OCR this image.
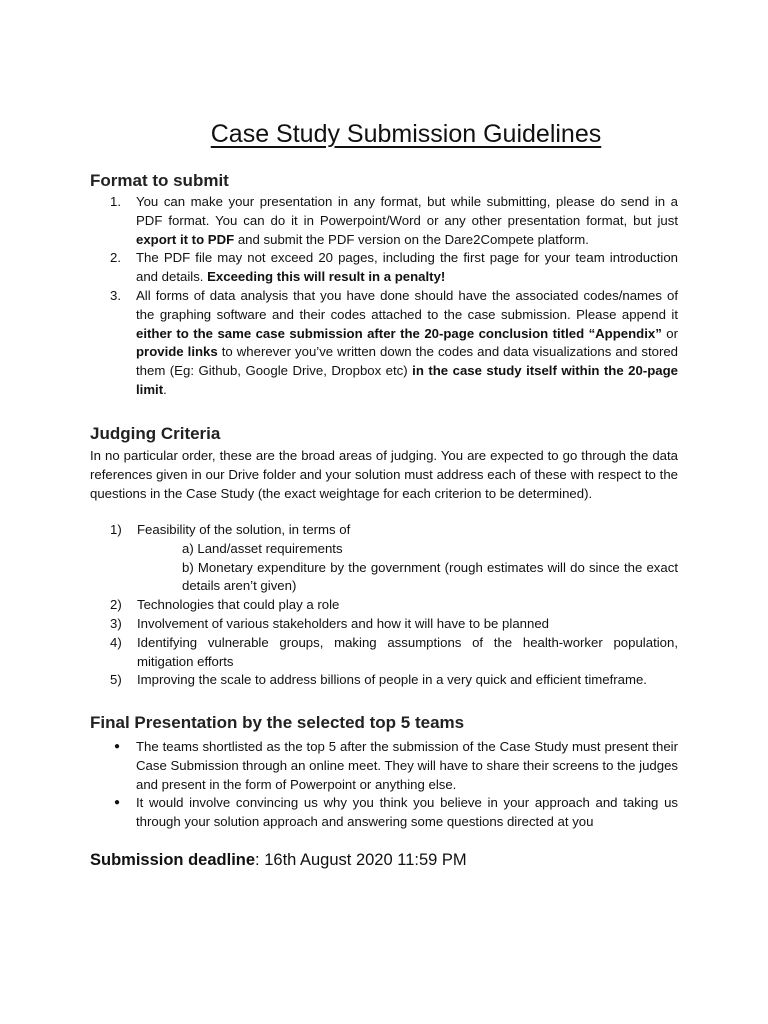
Case Study Submission Guidelines
Format to submit
1. You can make your presentation in any format, but while submitting, please do send in a PDF format. You can do it in Powerpoint/Word or any other presentation format, but just export it to PDF and submit the PDF version on the Dare2Compete platform.
2. The PDF file may not exceed 20 pages, including the first page for your team introduction and details. Exceeding this will result in a penalty!
3. All forms of data analysis that you have done should have the associated codes/names of the graphing software and their codes attached to the case submission. Please append it either to the same case submission after the 20-page conclusion titled “Appendix” or provide links to wherever you’ve written down the codes and data visualizations and stored them (Eg: Github, Google Drive, Dropbox etc) in the case study itself within the 20-page limit.
Judging Criteria

In no particular order, these are the broad areas of judging. You are expected to go through the data references given in our Drive folder and your solution must address each of these with respect to the questions in the Case Study (the exact weightage for each criterion to be determined).

1) Feasibility of the solution, in terms of
a) Land/asset requirements
b) Monetary expenditure by the government (rough estimates will do since the exact details aren’t given)
2) Technologies that could play a role
3) Involvement of various stakeholders and how it will have to be planned
4) Identifying vulnerable groups, making assumptions of the health-worker population, mitigation efforts
5) Improving the scale to address billions of people in a very quick and efficient timeframe.
Final Presentation by the selected top 5 teams
● The teams shortlisted as the top 5 after the submission of the Case Study must present their Case Submission through an online meet. They will have to share their screens to the judges and present in the form of Powerpoint or anything else.
● It would involve convincing us why you think you believe in your approach and taking us through your solution approach and answering some questions directed at you

Submission deadline: 16th August 2020 11:59 PM
